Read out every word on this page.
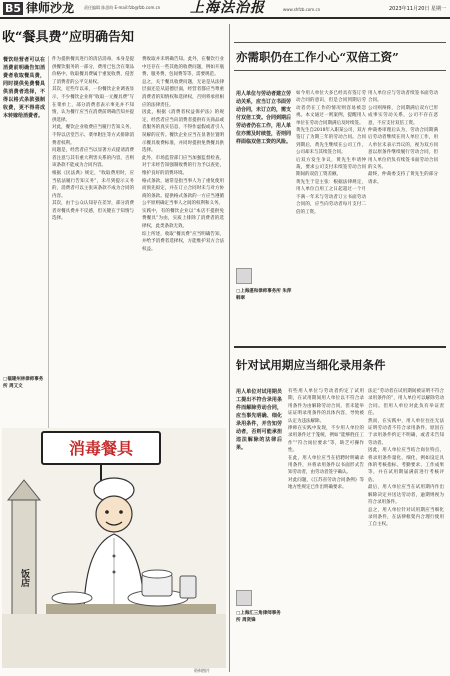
B5 律师沙龙 责任编辑 陈思昀 E-mail:fzb@fzb.com.cn 上海法治报	www.shfzb.com.cn	2023年11月20日 星期一
收“餐具费”应明确告知
餐饮经营者可以在消费前明确告知消费者收取餐具费，同时提供免费餐具供消费者选择，不得以格式条款强制收费，更不得将成本转嫁给消费者。
件为提供餐具进行的清洁消毒，本身是提供餐饮服务的一部分，费用已包含在菜品价格中。收取餐具费属于重复收费，侵害了消费者的公平交易权。
其次，近些年以来，一份餐饮企业调查显示，不少餐饮企业将“收取一元餐具费”写在菜单上，部分消费者表示事先并不知情，认为餐厅应当在消费前明确告知并提供选择。
对此，餐饮企业收费应当履行告知义务，不得以店堂告示、菜单附注等方式排除消费者权利。
问题是，经营者应当以显著方式提请消费者注意与其有重大利害关系的内容，否则该条款不能成为合同内容。
根据《民法典》规定，“收取费用时，应当依法履行告知义务”，未尽到提示义务的，消费者可以主张该条款不成为合同的内容。
其次，由于公众认知存在差异，部分消费者对餐具费并不反感，但关键在于知情与选择。
费收取并未明确告知。此外，在餐饮行业中还存在一些其他的收费问题，例如开瓶费、服务费、包间费等等，需要规范。
总之，关于餐具收费问题，无论是从法律层面还是从道德层面，经营者都应当尊重消费者的知情权和选择权，否则将承担相应的法律责任。
因此，根据《消费者权益保护法》的规定，经营者应当向消费者提供有关商品或者服务的真实信息，不得作虚假或者引人误解的宣传。餐饮企业应当在显著位置明示餐具收费标准，并同时提供免费餐具供选择。
此外，市场监管部门应当加强监督检查，对于未经告知强制收费的行为予以查处，维护良好的消费环境。
格式条款，通常是指当事人为了重复使用而预先拟定，并在订立合同时未与对方协商的条款。提供格式条款的一方应当遵循公平原则确定当事人之间的权利和义务。
实践中，有的餐饮企业以“本店不提供免费餐具”为由，实质上排除了消费者的选择权，此类条款无效。
综上所述，收取“餐具费”应当明确告知，并给予消费者选择权，方能维护双方合法权益。
□福建州林律师事务所 周又文
饭店
消毒餐具
资料图片
亦需职仍在工作小心“双倍工资”
用人单位与劳动者建立劳动关系，应当订立书面劳动合同，未订立的，需支付双倍工资。合同到期后劳动者仍在工作，用人单位亦需及时续签，否则同样面临双倍工资的风险。
如今用人单位大多已经具有签订劳动合同的意识，但是合同到期后劳动者仍在工作的情况则容易被忽视。本文通过一则案例，提醒用人单位在劳动合同期满后及时续签。
黄先生自2018年入职某公司，双方签订了为期三年的劳动合同。合同到期后，黄先生继续在公司工作，公司却未与其续签合同。
后双方发生争议，黄先生申请仲裁，要求公司支付未续签劳动合同期间的双倍工资差额。
黄先生于是主张：根据法律规定，用人单位自用工之日起超过一个月不满一年未与劳动者订立书面劳动合同的，应当向劳动者每月支付二倍的工资。
用人单位应与劳动者续签书面劳动合同。
公司则辩称，合同期满后双方已形成事实劳动关系，公司不存在恶意，不应支付双倍工资。
仲裁委审理后认为，劳动合同期满后劳动者继续在用人单位工作，用人单位未表示异议的，视为双方同意以原条件继续履行劳动合同，但用人单位仍负有续签书面劳动合同的义务。
最终，仲裁委支持了黄先生的部分请求。
□上海湛和律师事务所 朱萍 韩翠
针对试用期应当细化录用条件
用人单位对试用期员工提出不符合录用条件而解除劳动合同，应当事先明确、细化录用条件，并告知劳动者，否则可能承担违法解除的法律后果。
有些用人单位与劳动者约定了试用期，在试用期间用人单位以不符合录用条件为由解除劳动合同，但未能举证证明录用条件的具体内容，导致被认定为违法解除。
律师在实践中发现，不少用人单位的录用条件过于笼统，例如“能够胜任工作”“符合岗位要求”等，缺乏可操作性。
在此，用人单位应当在招聘时明确录用条件，并将录用条件以书面形式告知劳动者，由劳动者签字确认。
对此问题，《江苏省劳动合同条例》等地方性规定已作出明确要求。
法定“劳动者在试用期间被证明不符合录用条件的”，用人单位可以解除劳动合同。但用人单位对此负有举证责任。
然而，在实践中，用人单位往往无法证明劳动者不符合录用条件，原因在于录用条件约定不明确，或者未告知劳动者。
因此，用人单位应当结合岗位特点，将录用条件量化、细化，例如设定具体的考核指标、考勤要求、工作成果等，并在试用期届满前进行考核评估。
最后，用人单位应当在试用期内作出解除决定并送达劳动者，逾期则视为符合录用条件。
总之，用人单位针对试用期应当细化录用条件，在法律框架内合理行使用工自主权。
□上海汇三角律师事务所 周贤锋
